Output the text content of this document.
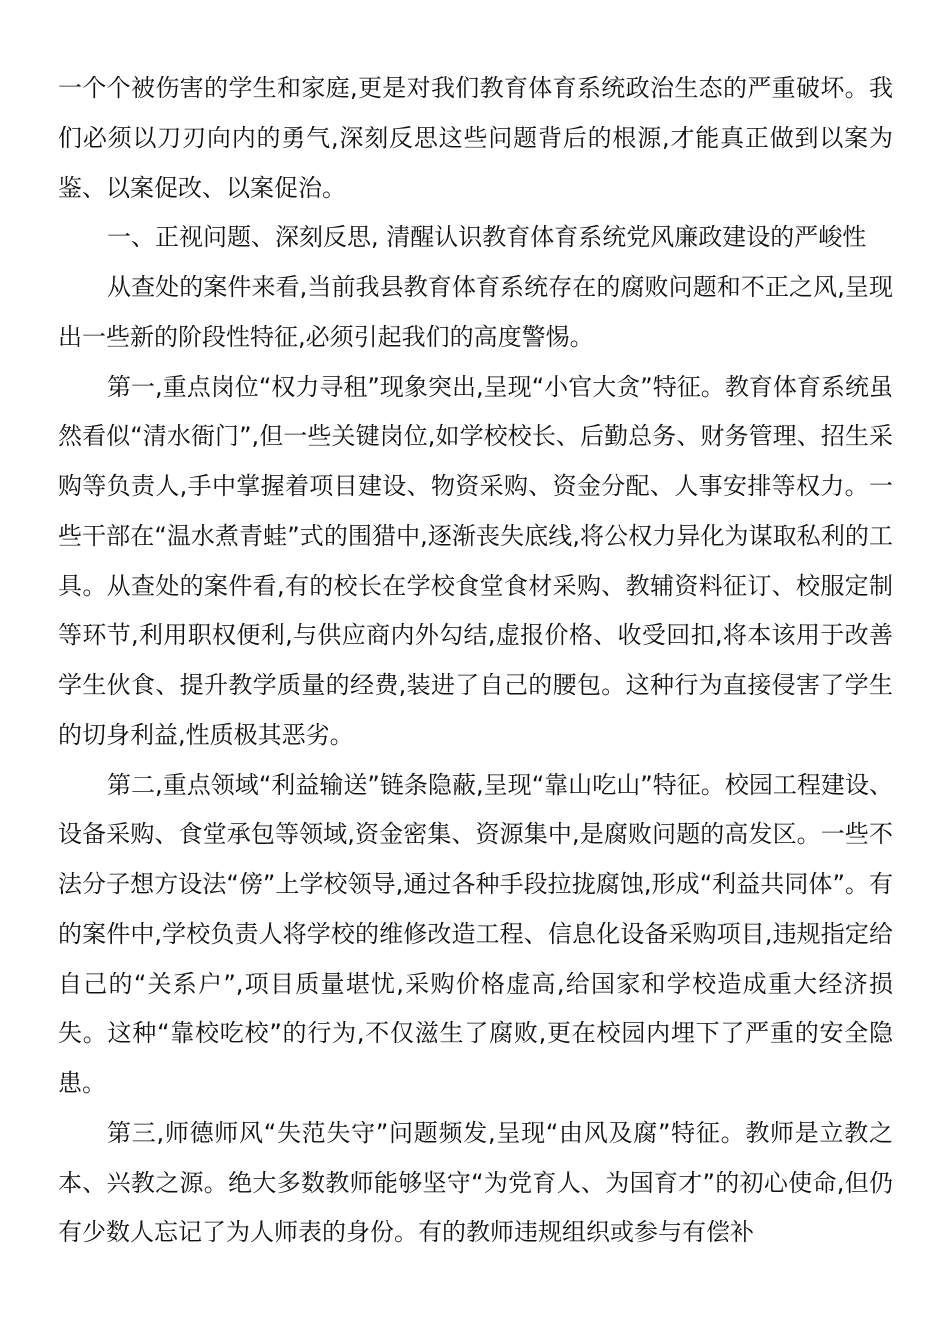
一个个被伤害的学生和家庭,更是对我们教育体育系统政治生态的严重破坏。我们必须以刀刃向内的勇气,深刻反思这些问题背后的根源,才能真正做到以案为鉴、以案促改、以案促治。

一、正视问题、深刻反思, 清醒认识教育体育系统党风廉政建设的严峻性

从查处的案件来看,当前我县教育体育系统存在的腐败问题和不正之风,呈现出一些新的阶段性特征,必须引起我们的高度警惕。

第一,重点岗位“权力寻租”现象突出,呈现“小官大贪”特征。教育体育系统虽然看似“清水衙门”,但一些关键岗位,如学校校长、后勤总务、财务管理、招生采购等负责人,手中掌握着项目建设、物资采购、资金分配、人事安排等权力。一些干部在“温水煮青蛙”式的围猎中,逐渐丧失底线,将公权力异化为谋取私利的工具。从查处的案件看,有的校长在学校食堂食材采购、教辅资料征订、校服定制等环节,利用职权便利,与供应商内外勾结,虚报价格、收受回扣,将本该用于改善学生伙食、提升教学质量的经费,装进了自己的腰包。这种行为直接侵害了学生的切身利益,性质极其恶劣。

第二,重点领域“利益输送”链条隐蔽,呈现“靠山吃山”特征。校园工程建设、设备采购、食堂承包等领域,资金密集、资源集中,是腐败问题的高发区。一些不法分子想方设法“傍”上学校领导,通过各种手段拉拢腐蚀,形成“利益共同体”。有的案件中,学校负责人将学校的维修改造工程、信息化设备采购项目,违规指定给自己的“关系户”,项目质量堪忧,采购价格虚高,给国家和学校造成重大经济损失。这种“靠校吃校”的行为,不仅滋生了腐败,更在校园内埋下了严重的安全隐患。

第三,师德师风“失范失守”问题频发,呈现“由风及腐”特征。教师是立教之本、兴教之源。绝大多数教师能够坚守“为党育人、为国育才”的初心使命,但仍有少数人忘记了为人师表的身份。有的教师违规组织或参与有偿补
